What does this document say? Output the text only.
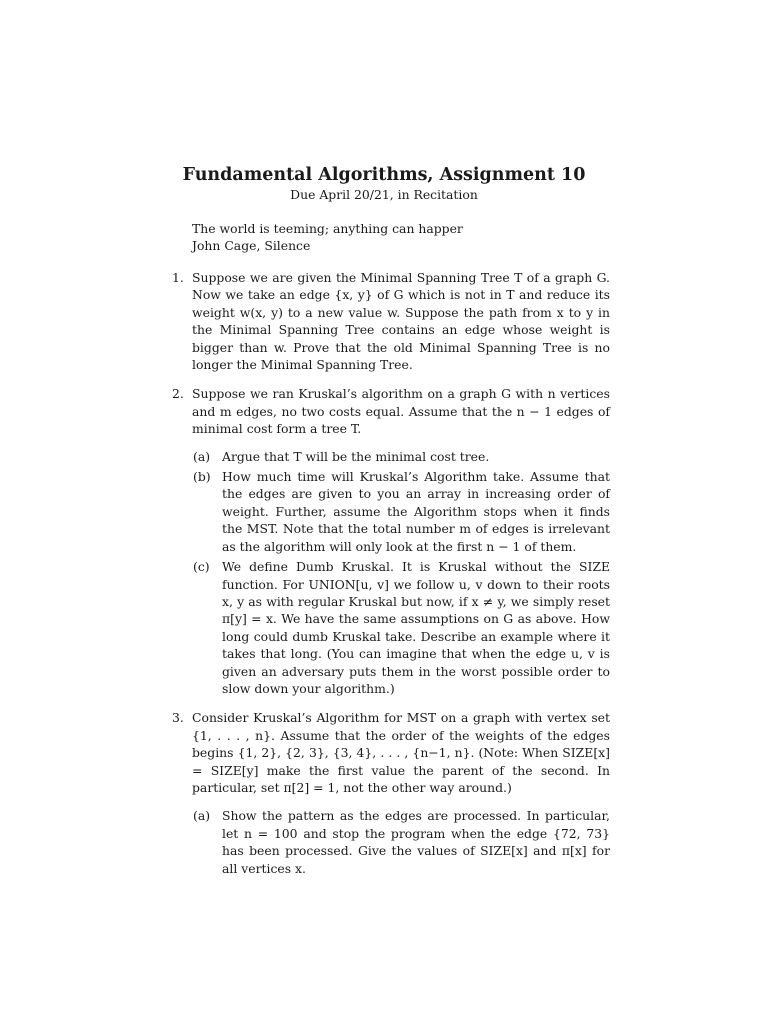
Fundamental Algorithms, Assignment 10
Due April 20/21, in Recitation
The world is teeming; anything can happer
John Cage, Silence
1. Suppose we are given the Minimal Spanning Tree T of a graph G. Now we take an edge {x, y} of G which is not in T and reduce its weight w(x, y) to a new value w. Suppose the path from x to y in the Minimal Spanning Tree contains an edge whose weight is bigger than w. Prove that the old Minimal Spanning Tree is no longer the Minimal Spanning Tree.
2. Suppose we ran Kruskal’s algorithm on a graph G with n vertices and m edges, no two costs equal. Assume that the n − 1 edges of minimal cost form a tree T.
(a) Argue that T will be the minimal cost tree.
(b) How much time will Kruskal’s Algorithm take. Assume that the edges are given to you an array in increasing order of weight. Further, assume the Algorithm stops when it finds the MST. Note that the total number m of edges is irrelevant as the algorithm will only look at the first n − 1 of them.
(c) We define Dumb Kruskal. It is Kruskal without the SIZE function. For UNION[u, v] we follow u, v down to their roots x, y as with regular Kruskal but now, if x ≠ y, we simply reset π[y] = x. We have the same assumptions on G as above. How long could dumb Kruskal take. Describe an example where it takes that long. (You can imagine that when the edge u, v is given an adversary puts them in the worst possible order to slow down your algorithm.)
3. Consider Kruskal’s Algorithm for MST on a graph with vertex set {1, . . . , n}. Assume that the order of the weights of the edges begins {1, 2}, {2, 3}, {3, 4}, . . . , {n−1, n}. (Note: When SIZE[x] = SIZE[y] make the first value the parent of the second. In particular, set π[2] = 1, not the other way around.)
(a) Show the pattern as the edges are processed. In particular, let n = 100 and stop the program when the edge {72, 73} has been processed. Give the values of SIZE[x] and π[x] for all vertices x.
